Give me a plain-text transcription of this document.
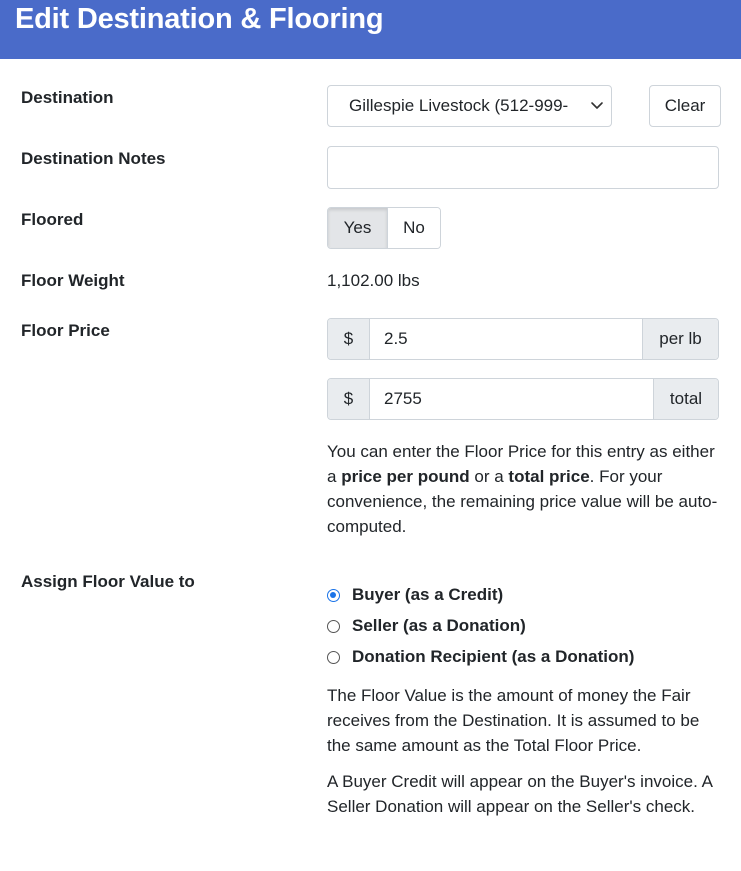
Edit Destination & Flooring
Destination	Gillespie Livestock (512-999-	Clear
Destination Notes
Floored	Yes	No
Floor Weight	1,102.00 lbs
Floor Price	$	2.5	per lb
$	2755	total
You can enter the Floor Price for this entry as either a price per pound or a total price. For your convenience, the remaining price value will be auto-computed.
Assign Floor Value to
Buyer (as a Credit)
Seller (as a Donation)
Donation Recipient (as a Donation)
The Floor Value is the amount of money the Fair receives from the Destination. It is assumed to be the same amount as the Total Floor Price.
A Buyer Credit will appear on the Buyer's invoice. A Seller Donation will appear on the Seller's check.
